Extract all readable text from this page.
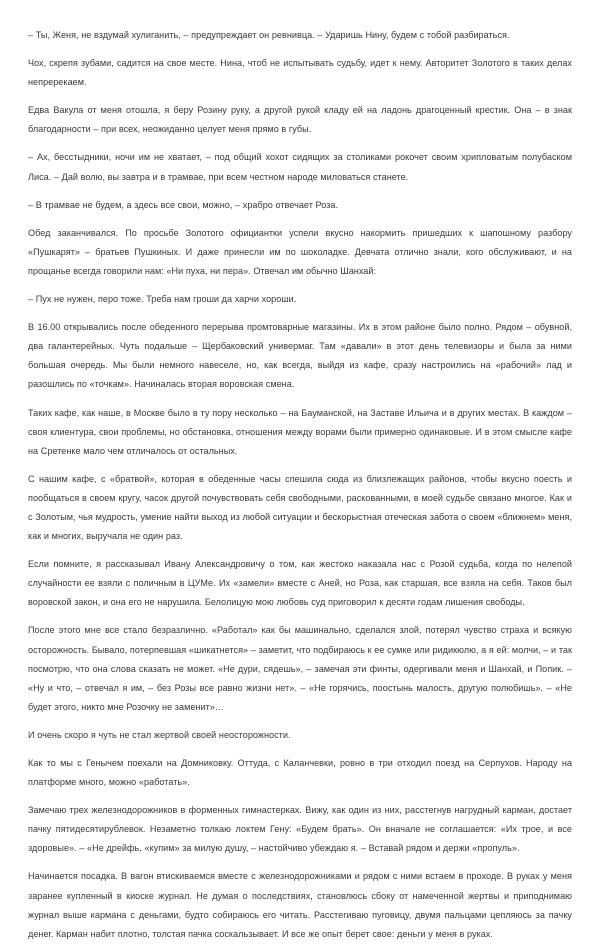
– Ты, Женя, не вздумай хулиганить, – предупреждает он ревнивца. – Ударишь Нину, будем с тобой разбираться.

Чох, скрепя зубами, садится на свое месте. Нина, чтоб не испытывать судьбу, идет к нему. Авторитет Золотого в таких делах непререкаем.

Едва Вакула от меня отошла, я беру Розину руку, а другой рукой кладу ей на ладонь драгоценный крестик. Она – в знак благодарности – при всех, неожиданно целует меня прямо в губы.

– Ах, бесстыдники, ночи им не хватает, – под общий хохот сидящих за столиками рокочет своим хрипловатым полубаском Лиса. – Дай волю, вы завтра и в трамвае, при всем честном народе миловаться станете.

– В трамвае не будем, а здесь все свои, можно, – храбро отвечает Роза.

Обед заканчивался. По просьбе Золотого официантки успели вкусно накормить пришедших к шапошному разбору «Пушкарят» – братьев Пушкиных. И даже принесли им по шоколадке. Девчата отлично знали, кого обслуживают, и на прощанье всегда говорили нам: «Ни пуха, ни пера». Отвечал им обычно Шанхай:

– Пух не нужен, перо тоже. Треба нам гроши да харчи хороши.

В 16.00 открывались после обеденного перерыва промтоварные магазины. Их в этом районе было полно. Рядом – обувной, два галантерейных. Чуть подальше – Щербаковский универмаг. Там «давали» в этот день телевизоры и была за ними большая очередь. Мы были немного навеселе, но, как всегда, выйдя из кафе, сразу настроились на «рабочий» лад и разошлись по «точкам». Начиналась вторая воровская смена.

Таких кафе, как наше, в Москве было в ту пору несколько – на Бауманской, на Заставе Ильича и в других местах. В каждом – своя клиентура, свои проблемы, но обстановка, отношения между ворами были примерно одинаковые. И в этом смысле кафе на Сретенке мало чем отличалось от остальных.

С нашим кафе, с «братвой», которая в обеденные часы спешила сюда из близлежащих районов, чтобы вкусно поесть и пообщаться в своем кругу, часок другой почувствовать себя свободными, раскованными, в моей судьбе связано многое. Как и с Золотым, чья мудрость, умение найти выход из любой ситуации и бескорыстная отеческая забота о своем «ближнем» меня, как и многих, выручала не один раз.

Если помните, я рассказывал Ивану Александровичу о том, как жестоко наказала нас с Розой судьба, когда по нелепой случайности ее взяли с поличным в ЦУМе. Их «замели» вместе с Аней, но Роза, как старшая, все взяла на себя. Таков был воровской закон, и она его не нарушила. Белолицую мою любовь суд приговорил к десяти годам лишения свободы.

После этого мне все стало безразлично. «Работал» как бы машинально, сделался злой, потерял чувство страха и всякую осторожность. Бывало, потерпевшая «шикатнется» – заметит, что подбираюсь к ее сумке или ридикюлю, а я ей: молчи, – и так посмотрю, что она слова сказать не может. «Не дури, сядешь», – замечая эти финты, одергивали меня и Шанхай, и Попик. – «Ну и что, – отвечал я им, – без Розы все равно жизни нет». – «Не горячись, поостынь малость, другую полюбишь». – «Не будет этого, никто мне Розочку не заменит»…

И очень скоро я чуть не стал жертвой своей неосторожности.

Как то мы с Генычем поехали на Домниковку. Оттуда, с Каланчевки, ровно в три отходил поезд на Серпухов. Народу на платформе много, можно «работать».

Замечаю трех железнодорожников в форменных гимнастерках. Вижу, как один из них, расстегнув нагрудный карман, достает пачку пятидесятирублевок. Незаметно толкаю локтем Гену: «Будем брать». Он вначале не соглашается: «Их трое, и все здоровые». – «Не дрейфь, «купим» за милую душу, – настойчиво убеждаю я. – Вставай рядом и держи «пропуль».

Начинается посадка. В вагон втискиваемся вместе с железнодорожниками и рядом с ними встаем в проходе. В руках у меня заранее купленный в киоске журнал. Не думая о последствиях, становлюсь сбоку от намеченной жертвы и приподнимаю журнал выше кармана с деньгами, будто собираюсь его читать. Расстегиваю пуговицу, двумя пальцами цепляюсь за пачку денег. Карман набит плотно, толстая пачка соскальзывает. И все же опыт берет свое: деньги у меня в руках.
